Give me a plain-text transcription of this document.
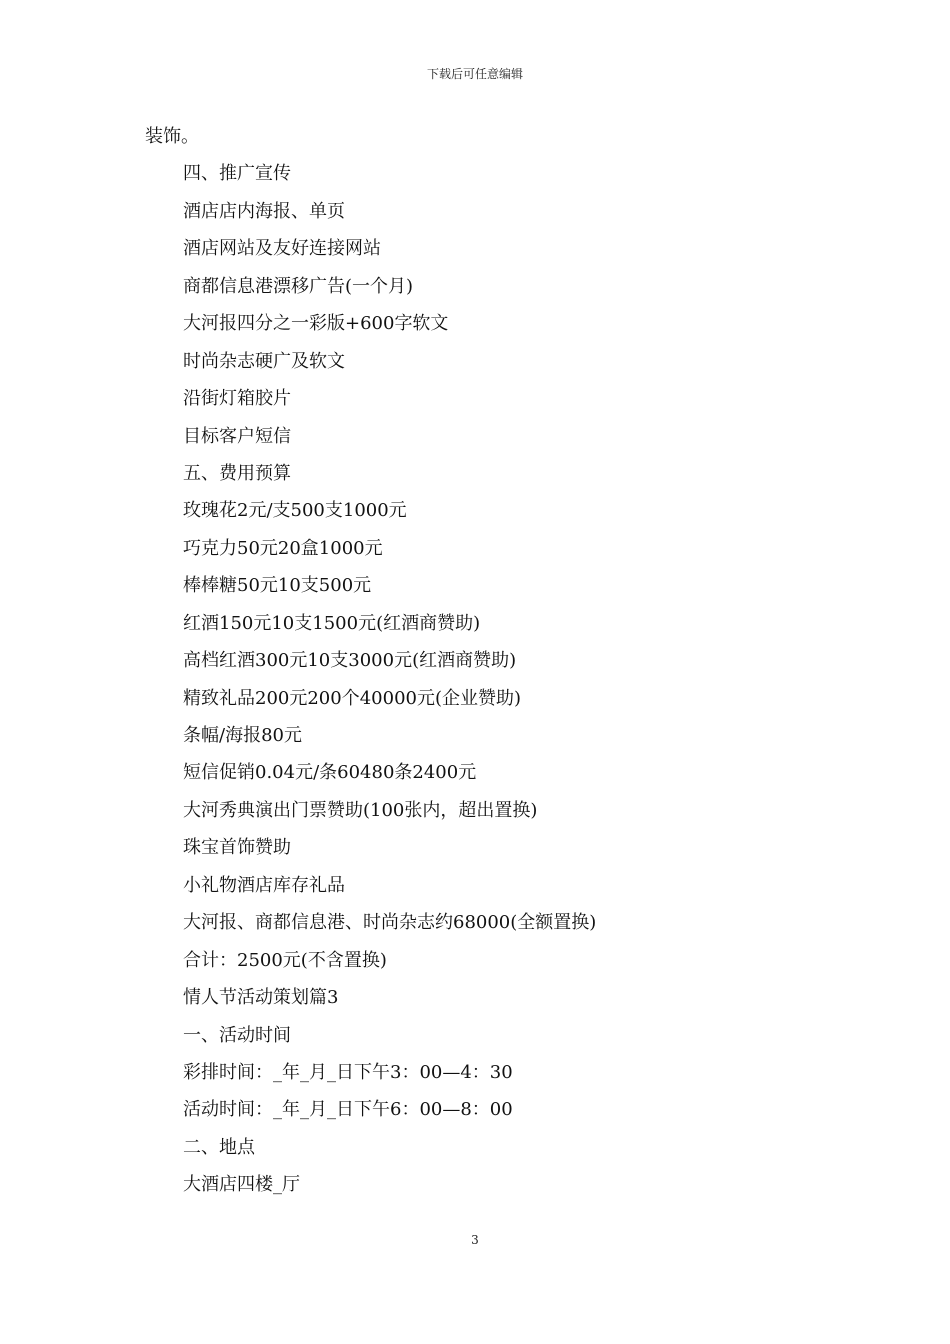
下载后可任意编辑
装饰。
四、推广宣传
酒店店内海报、单页
酒店网站及友好连接网站
商都信息港漂移广告(一个月)
大河报四分之一彩版+600字软文
时尚杂志硬广及软文
沿街灯箱胶片
目标客户短信
五、费用预算
玫瑰花2元/支500支1000元
巧克力50元20盒1000元
棒棒糖50元10支500元
红酒150元10支1500元(红酒商赞助)
高档红酒300元10支3000元(红酒商赞助)
精致礼品200元200个40000元(企业赞助)
条幅/海报80元
短信促销0.04元/条60480条2400元
大河秀典演出门票赞助(100张内，超出置换)
珠宝首饰赞助
小礼物酒店库存礼品
大河报、商都信息港、时尚杂志约68000(全额置换)
合计：2500元(不含置换)
情人节活动策划篇3
一、活动时间
彩排时间：_年_月_日下午3：00—4：30
活动时间：_年_月_日下午6：00—8：00
二、地点
大酒店四楼_厅
3
